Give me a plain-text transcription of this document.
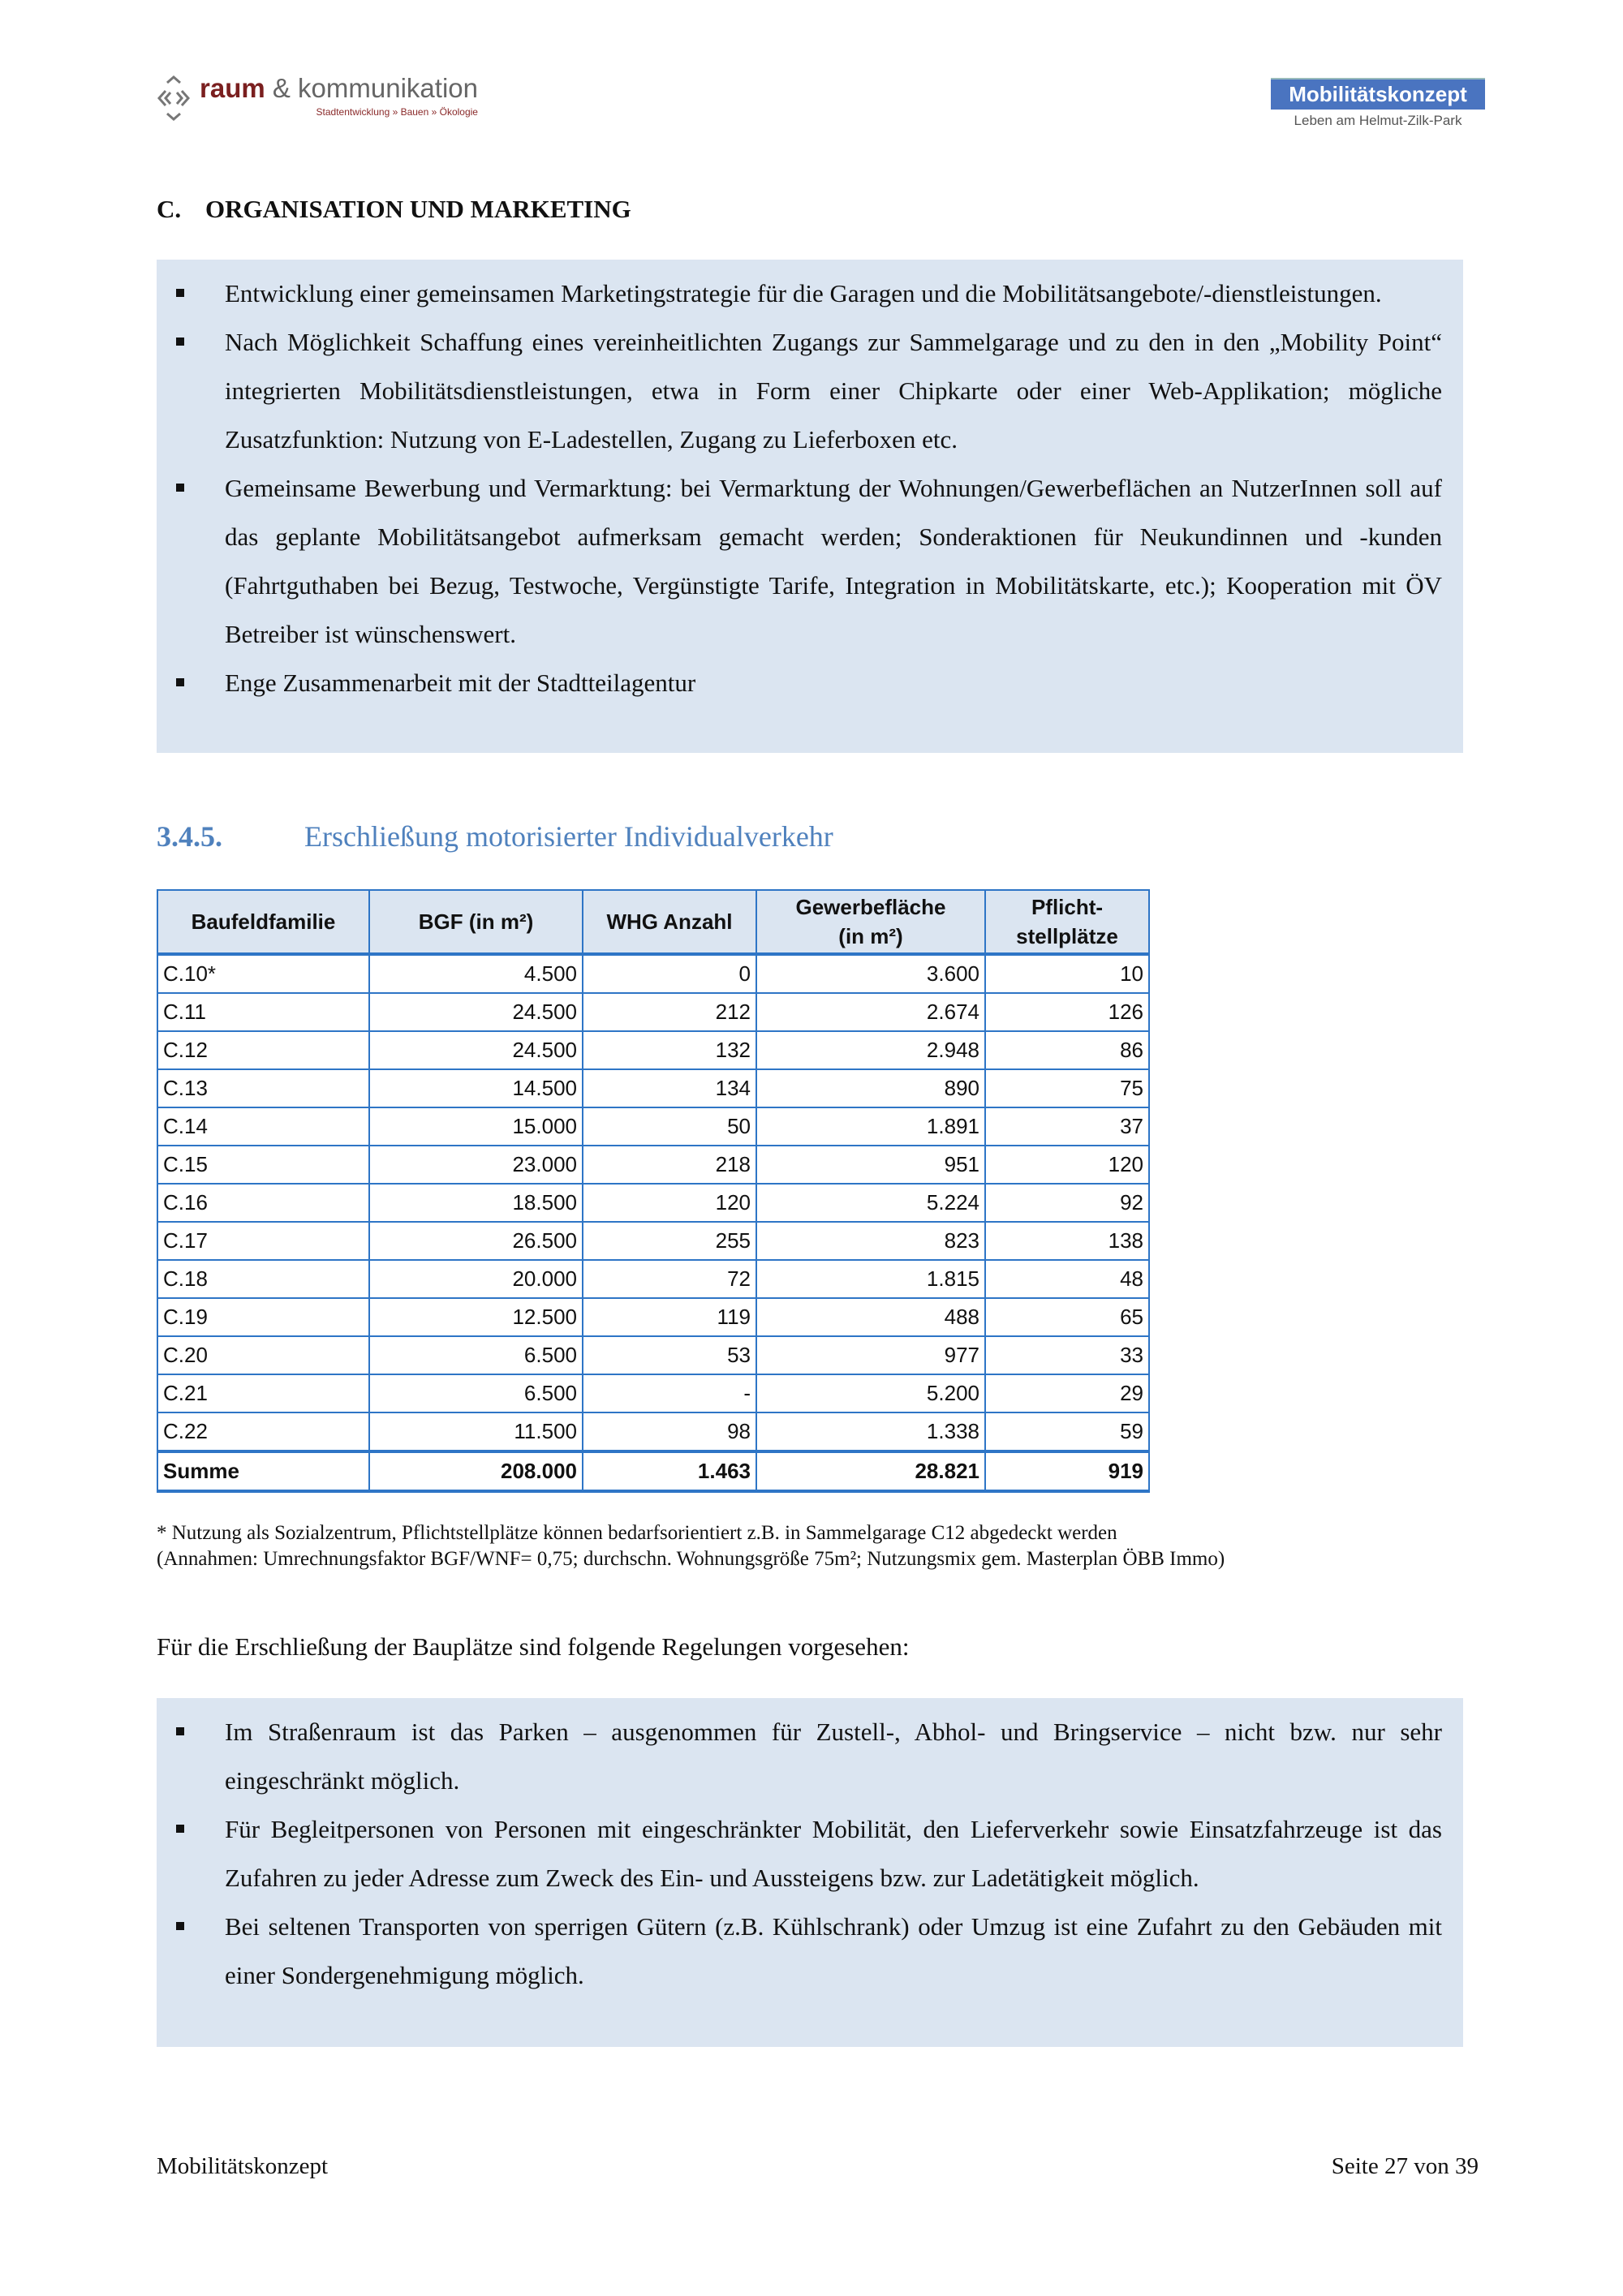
raum & kommunikation
Stadtentwicklung » Bauen » Ökologie
Mobilitätskonzept
Leben am Helmut-Zilk-Park
C. ORGANISATION UND MARKETING
Entwicklung einer gemeinsamen Marketingstrategie für die Garagen und die Mobilitätsangebote/-dienstleistungen.
Nach Möglichkeit Schaffung eines vereinheitlichten Zugangs zur Sammelgarage und zu den in den „Mobility Point“ integrierten Mobilitätsdienstleistungen, etwa in Form einer Chipkarte oder einer Web-Applikation; mögliche Zusatzfunktion: Nutzung von E-Ladestellen, Zugang zu Lieferboxen etc.
Gemeinsame Bewerbung und Vermarktung: bei Vermarktung der Wohnungen/Gewerbeflächen an NutzerInnen soll auf das geplante Mobilitätsangebot aufmerksam gemacht werden; Sonderaktionen für Neukundinnen und -kunden (Fahrtguthaben bei Bezug, Testwoche, Vergünstigte Tarife, Integration in Mobilitätskarte, etc.); Kooperation mit ÖV Betreiber ist wünschenswert.
Enge Zusammenarbeit mit der Stadtteilagentur
3.4.5.	Erschließung motorisierter Individualverkehr
Baufeldfamilie	BGF (in m²)	WHG Anzahl	Gewerbefläche (in m²)	Pflicht-stellplätze
C.10*	4.500	0	3.600	10
C.11	24.500	212	2.674	126
C.12	24.500	132	2.948	86
C.13	14.500	134	890	75
C.14	15.000	50	1.891	37
C.15	23.000	218	951	120
C.16	18.500	120	5.224	92
C.17	26.500	255	823	138
C.18	20.000	72	1.815	48
C.19	12.500	119	488	65
C.20	6.500	53	977	33
C.21	6.500	-	5.200	29
C.22	11.500	98	1.338	59
Summe	208.000	1.463	28.821	919
* Nutzung als Sozialzentrum, Pflichtstellplätze können bedarfsorientiert z.B. in Sammelgarage C12 abgedeckt werden
(Annahmen: Umrechnungsfaktor BGF/WNF= 0,75; durchschn. Wohnungsgröße 75m²; Nutzungsmix gem. Masterplan ÖBB Immo)
Für die Erschließung der Bauplätze sind folgende Regelungen vorgesehen:
Im Straßenraum ist das Parken – ausgenommen für Zustell-, Abhol- und Bringservice – nicht bzw. nur sehr eingeschränkt möglich.
Für Begleitpersonen von Personen mit eingeschränkter Mobilität, den Lieferverkehr sowie Einsatzfahrzeuge ist das Zufahren zu jeder Adresse zum Zweck des Ein- und Aussteigens bzw. zur Ladetätigkeit möglich.
Bei seltenen Transporten von sperrigen Gütern (z.B. Kühlschrank) oder Umzug ist eine Zufahrt zu den Gebäuden mit einer Sondergenehmigung möglich.
Mobilitätskonzept	Seite 27 von 39
